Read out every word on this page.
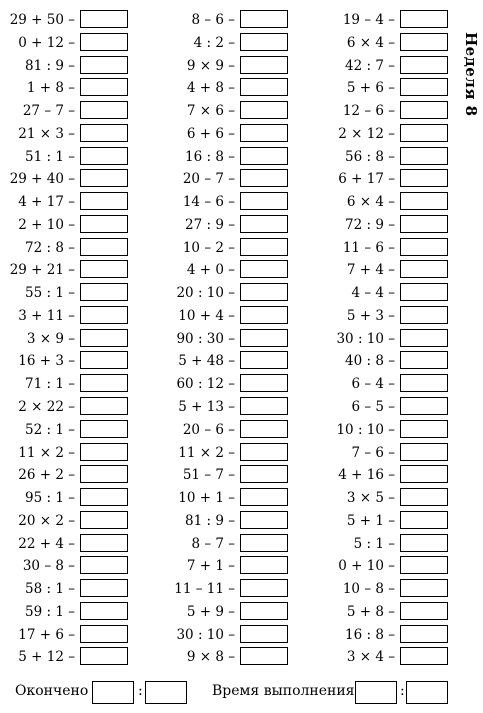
29 + 50 –
0 + 12 –
81 : 9 –
1 + 8 –
27 – 7 –
21 × 3 –
51 : 1 –
29 + 40 –
4 + 17 –
2 + 10 –
72 : 8 –
29 + 21 –
55 : 1 –
3 + 11 –
3 × 9 –
16 + 3 –
71 : 1 –
2 × 22 –
52 : 1 –
11 × 2 –
26 + 2 –
95 : 1 –
20 × 2 –
22 + 4 –
30 – 8 –
58 : 1 –
59 : 1 –
17 + 6 –
5 + 12 –
8 – 6 –
4 : 2 –
9 × 9 –
4 + 8 –
7 × 6 –
6 + 6 –
16 : 8 –
20 – 7 –
14 – 6 –
27 : 9 –
10 – 2 –
4 + 0 –
20 : 10 –
10 + 4 –
90 : 30 –
5 + 48 –
60 : 12 –
5 + 13 –
20 – 6 –
11 × 2 –
51 – 7 –
10 + 1 –
81 : 9 –
8 – 7 –
7 + 1 –
11 – 11 –
5 + 9 –
30 : 10 –
9 × 8 –
19 – 4 –
6 × 4 –
42 : 7 –
5 + 6 –
12 – 6 –
2 × 12 –
56 : 8 –
6 + 17 –
6 × 4 –
72 : 9 –
11 – 6 –
7 + 4 –
4 – 4 –
5 + 3 –
30 : 10 –
40 : 8 –
6 – 4 –
6 – 5 –
10 : 10 –
7 – 6 –
4 + 16 –
3 × 5 –
5 + 1 –
5 : 1 –
0 + 10 –
10 – 8 –
5 + 8 –
16 : 8 –
3 × 4 –
Неделя 8
Окончено	:	Время выполнения	:
